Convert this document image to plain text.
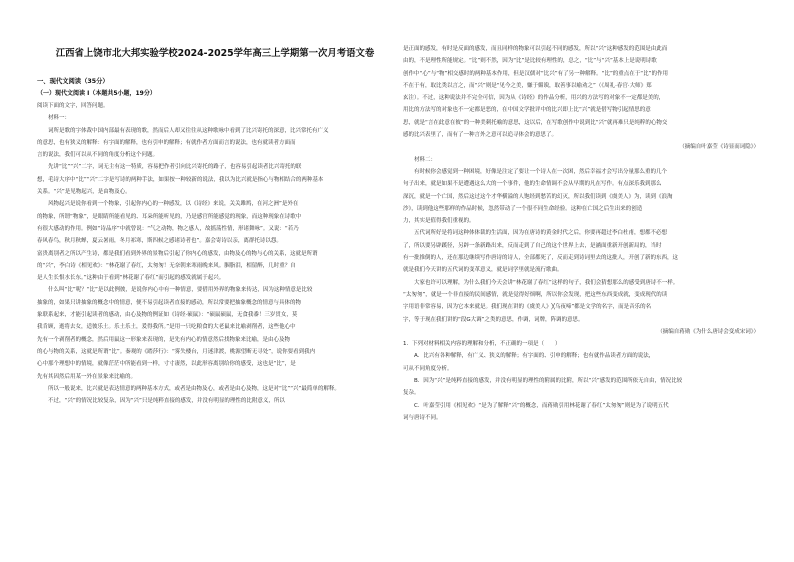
江西省上饶市北大邦实验学校2024-2025学年高三上学期第一次月考语文卷
一、现代文阅读（35分）
（一）现代文阅读 Ⅰ（本题共5小题，19分）
阅读下面的文字，回答问题。
材料一：
词所是歌的字体裁中国内部最有表现的歌，然而后人却又往往从这种歌咏中看到了比兴寄托的深意，比兴常托有广义
的意思，也有狭义的解释：有字面的解释，也有引申的解释；有就作者方面而言的说法，也有就读者方面而
言的说法，我们可以从不同的角度分析这个问题。
先讲“比”“兴”二字，词无主有这一特质，容易把作者引向比兴寄托的路子，也容易引起读者比兴寄托的联
想，毛诗大序中“比”“兴”二字是写诗的两种手法，如果按一种较新的说法，我以为比兴就是指心与物相结合的两种基本
关系。“兴”是见物起兴，是由物及心。
风物起兴是说你看到一个物象，引起你内心的一种感发，以《诗经》来说，关关雎鸠，在河之洲”是外在
的物象，所谓“物象”，是眼睛所能看见的、耳朵所能听见的，乃是感官所能感觉的现象，而这种现象在诗歌中
有很大感动的作用。例如“诗品序”中就曾说：“气之动物，物之感人，故摇荡性情，形诸舞咏”。又说：“若乃
春风春鸟，秋月秋蝉，夏云暑雨，冬月祁寒，斯四候之感诸诗者也”。嘉会寄诗以亲，离群托诗以怨。
富贵离别者之所以产生诗，都是我们看到外界的景物后引起了你内心的感发，由物及心的物与心的关系，这就是所谓
的“兴”，李白诗《相见欢》：“林花谢了春红，太匆匆！无奈朝来寒雨晚来风。胭脂泪，相留醉，几时重？自
是人生长恨水长东。”这种由于看到“林花谢了春红”而引起的感发就属于起兴。
什么叫“比”呢？“比”是以此例彼，是说你内心中有一种情意，要借用外界的物象来传达，因为这种情意是比较
抽象的，如果只讲抽象的概念中的情意，便不易引起读者直接的感动，所以常要把抽象概念的情意与具体的物
象联系起来，才能引起读者的感动，由心及物的例证如《诗经·硕鼠》：“硕鼠硕鼠，无食我黍！三岁贯女，莫
我肯顾，逝将去女，适彼乐土。乐土乐土，爰得我所。”是用一只吃粮食的大老鼠来比喻剥削者，这些他心中
先有一个剥削者的概念，然后用鼠这一形象来表现的，是先有内心的情意然后找物象来比喻，是由心及物
的心与物的关系，这就是所谓“比”。秦观的《踏莎行》：“雾失楼台，月迷津渡，桃源望断无寻处”，说你要看到我内
心中那个理想中的情境，就像茫茫中所能看到一样，寸寸凄然，以此形容离别给你的感受，这也是“比”，是
先有其因然后用某一外在景象来比喻的。
所以一般说来，比兴就是表达情意的两种基本方式，或者是由物及心，或者是由心及物，这是对“比”“兴”最简单的解释。
不过，“兴”的情况比较复杂，因为“兴”只是纯粹直接的感发，并没有明显的理性的比附意义，所以
是正面的感发，有时是反面的感发，而且同样的物象可以引起不同的感发，所以“兴”这种感发的范围是由此而
由的，不是理性所能规定。“比”则不然，因为“比”是比较有理性的，总之，“比”与“兴”基本上是说明诗歌
创作中“心”与“物”相交感时的两种基本作用，但是汉儒对“比兴”有了另一种解释。“比”的重点在于“比”的作用
不在于有，取比类以言之，而“兴”则是“见今之美，嫌于媚谀，取善事以喻劝之”（《周礼·春官·大师》郑
玄注）。不过，这种说法并不完全可信，因为从《诗经》的作品分析，用兴的方法写的对象不一定都是美的，
用比的方法写的对象也不一定都是恶的，在中国文学批评中的比兴即上比“兴”就是借写物引起情思的意
思，就是“言在此意在彼”的一种美刺托喻的意思，这以后，在写歌创作中说到比“兴”就再难只是纯粹的心物交
感的比兴表里了，而有了一种言外之意可以追寻体会的意思了。
（摘编自叶嘉莹《诗显而词隐》）
材料二：
有时候你会感觉到一种困境，好像是注定了要让一个诗人在一次困，然后幸福才会写出分量那么重的几个
句子出来，就是如果不是遭遇这么大的一个事件，他的生命情调不会从早期的凡在写作。有点深乐我到那么
深沉，就是一个亡国，然后这过这个才华横溢的人饱经到愁苦的幻灭，所以我们读到《虞美人》为，读到《浪淘
沙》，读到他这些那样的作品时候，忽然带动了一个很不同生命经验。这种在亡国之后生出来的创造
力，其实是值得我们重视的。
五代词所好是将词这种体体裁的生活面，因为在唐诗的黄金时代之后，你要再超过李白杜甫，想都不必想
了，所以要另辟蹊径，另辟一条新路出来，反而走到了自己的这个世界上去，是涵面重新开创新局的，当时
有一批推倒的人，还在那边继续写作唐诗的诗人，全部都死了，反而走到诗词里去的这批人，开创了新的东西，这
就是我们今天讲的五代词的变革意义，就是词学里就是流行歌曲。
大家也许可以理解，为什么我们今天会讲“林花谢了春红”这样的句子，我们会猜想那么的感受到唐诗不一样。
“太匆匆”，就是一个非直接的民间感情，就是觉得好烦啊，所以你会发现，把这些东西变成就，变成现代的读
字用语非常容易，因为它本来就是。我们现在讲的《虞美人》╳乌夜啼”都是文学的名字，而是音乐的名
字，等于现在我们讲的“段G大调”之类的意思，作调，词牌，阵调的意思。
（摘编自蒋勋《为什么唐诗会变成宋词》）
1．下列对材料相关内容的理解和分析，不正确的一项是（　　）
A．比兴有各种解释，有广义、狭义的解释；有字面的、引申的解释；也有就作品读者方面的说法，
可从不同角度分析。
B．因为“兴”是纯粹直接的感发，并没有明显的理性的附属的比附，所以“兴”感发的范围所依无自由，情况比较
复杂。
C．叶嘉莹引用《相见欢》“是为了解释“兴”的概念，而蒋勋引用林花谢了春红”太匆匆”则是为了说明五代
词与唐诗不同。
